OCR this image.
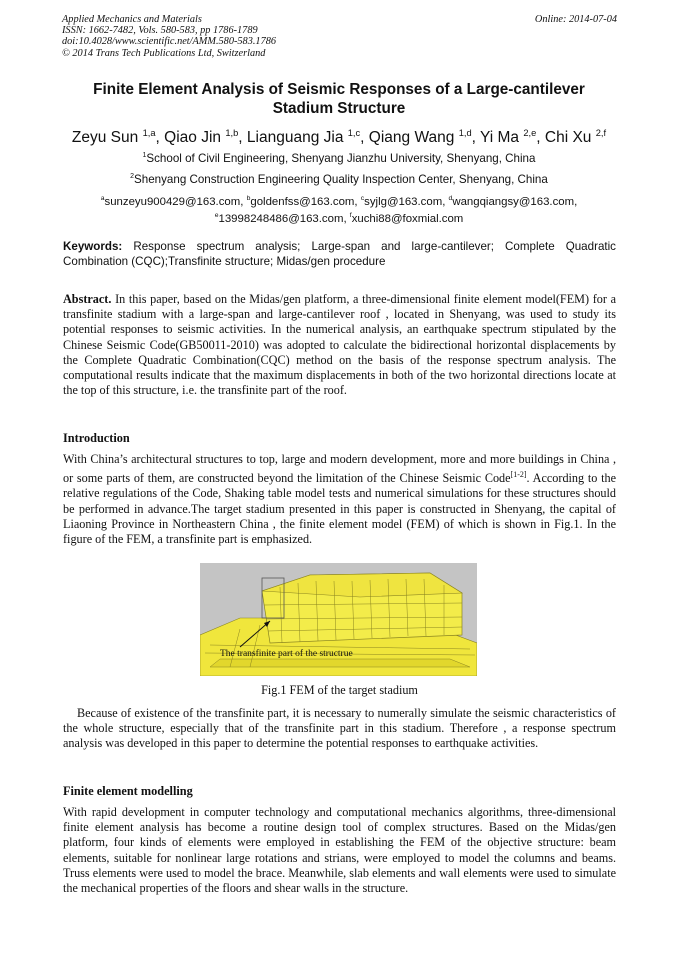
Applied Mechanics and Materials
ISSN: 1662-7482, Vols. 580-583, pp 1786-1789
doi:10.4028/www.scientific.net/AMM.580-583.1786
© 2014 Trans Tech Publications Ltd, Switzerland
Online: 2014-07-04
Finite Element Analysis of Seismic Responses of a Large-cantilever
Stadium Structure
Zeyu Sun $^{1,a}$, Qiao Jin $^{1,b}$, Lianguang Jia $^{1,c}$, Qiang Wang $^{1,d}$, Yi Ma $^{2,e}$, Chi Xu $^{2,f}$
$^1$School of Civil Engineering, Shenyang Jianzhu University, Shenyang, China
$^2$Shenyang Construction Engineering Quality Inspection Center, Shenyang, China
$^a$sunzeyu900429@163.com, $^b$goldenfss@163.com, $^c$syjlg@163.com, $^d$wangqiangsy@163.com,
$^e$13998248486@163.com, $^f$xuchi88@foxmial.com
Keywords: Response spectrum analysis; Large-span and large-cantilever; Complete Quadratic Combination (CQC);Transfinite structure; Midas/gen procedure
Abstract. In this paper, based on the Midas/gen platform, a three-dimensional finite element model(FEM) for a transfinite stadium with a large-span and large-cantilever roof , located in Shenyang, was used to study its potential responses to seismic activities. In the numerical analysis, an earthquake spectrum stipulated by the Chinese Seismic Code(GB50011-2010) was adopted to calculate the bidirectional horizontal displacements by the Complete Quadratic Combination(CQC) method on the basis of the response spectrum analysis. The computational results indicate that the maximum displacements in both of the two horizontal directions locate at the top of this structure, i.e. the transfinite part of the roof.
Introduction
With China’s architectural structures to top, large and modern development, more and more buildings in China , or some parts of them, are constructed beyond the limitation of the Chinese Seismic Code[1-2]. According to the relative regulations of the Code, Shaking table model tests and numerical simulations for these structures should be performed in advance.The target stadium presented in this paper is constructed in Shenyang, the capital of Liaoning Province in Northeastern China , the finite element model (FEM) of which is shown in Fig.1. In the figure of the FEM, a transfinite part is emphasized.
The transfinite part of the structrue
Fig.1 FEM of the target stadium
Because of existence of the transfinite part, it is necessary to numerally simulate the seismic characteristics of the whole structure, especially that of the transfinite part in this stadium. Therefore , a response spectrum analysis was developed in this paper to determine the potential responses to earthquake activities.
Finite element modelling
With rapid development in computer technology and computational mechanics algorithms, three-dimensional finite element analysis has become a routine design tool of complex structures. Based on the Midas/gen platform, four kinds of elements were employed in establishing the FEM of the objective structure: beam elements, suitable for nonlinear large rotations and strians, were employed to model the columns and beams. Truss elements were used to model the brace. Meanwhile, slab elements and wall elements were used to simulate the mechanical properties of the floors and shear walls in the structure.
